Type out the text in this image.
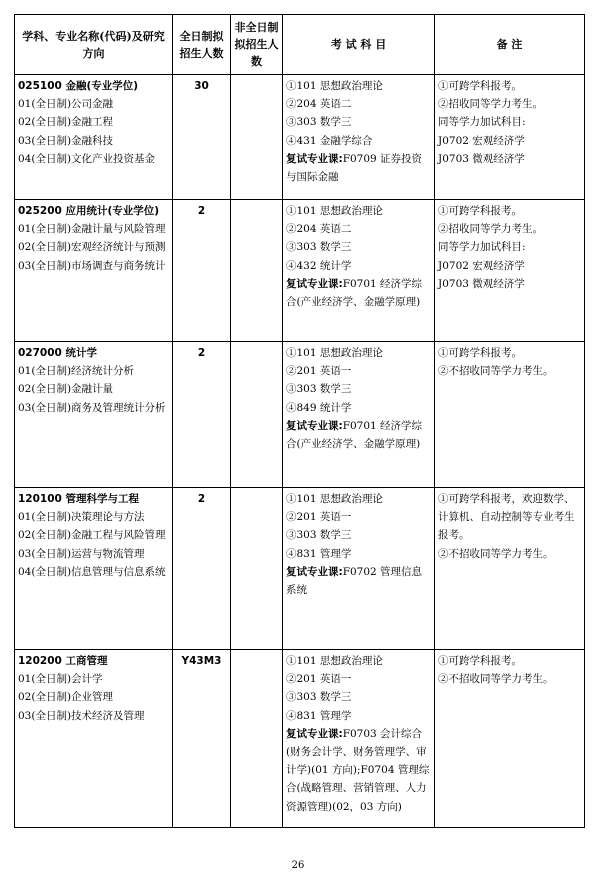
学科、专业名称(代码)及研究方向	全日制拟招生人数	非全日制拟招生人数	考 试 科 目	备 注

025100 金融(专业学位)
01(全日制)公司金融
02(全日制)金融工程
03(全日制)金融科技
04(全日制)文化产业投资基金	30		①101 思想政治理论
②204 英语二
③303 数学三
④431 金融学综合
复试专业课:F0709 证券投资与国际金融	①可跨学科报考。
②招收同等学力考生。
同等学力加试科目:
J0702 宏观经济学
J0703 微观经济学

025200 应用统计(专业学位)
01(全日制)金融计量与风险管理
02(全日制)宏观经济统计与预测
03(全日制)市场调查与商务统计	2		①101 思想政治理论
②204 英语二
③303 数学三
④432 统计学
复试专业课:F0701 经济学综合(产业经济学、金融学原理)	①可跨学科报考。
②招收同等学力考生。
同等学力加试科目:
J0702 宏观经济学
J0703 微观经济学

027000 统计学
01(全日制)经济统计分析
02(全日制)金融计量
03(全日制)商务及管理统计分析	2		①101 思想政治理论
②201 英语一
③303 数学三
④849 统计学
复试专业课:F0701 经济学综合(产业经济学、金融学原理)	①可跨学科报考。
②不招收同等学力考生。

120100 管理科学与工程
01(全日制)决策理论与方法
02(全日制)金融工程与风险管理
03(全日制)运营与物流管理
04(全日制)信息管理与信息系统	2		①101 思想政治理论
②201 英语一
③303 数学三
④831 管理学
复试专业课:F0702 管理信息系统	①可跨学科报考，欢迎数学、计算机、自动控制等专业考生报考。
②不招收同等学力考生。

120200 工商管理
01(全日制)会计学
02(全日制)企业管理
03(全日制)技术经济及管理	Y43M3		①101 思想政治理论
②201 英语一
③303 数学三
④831 管理学
复试专业课:F0703 会计综合(财务会计学、财务管理学、审计学)(01 方向);F0704 管理综合(战略管理、营销管理、人力资源管理)(02，03 方向)	①可跨学科报考。
②不招收同等学力考生。
26
